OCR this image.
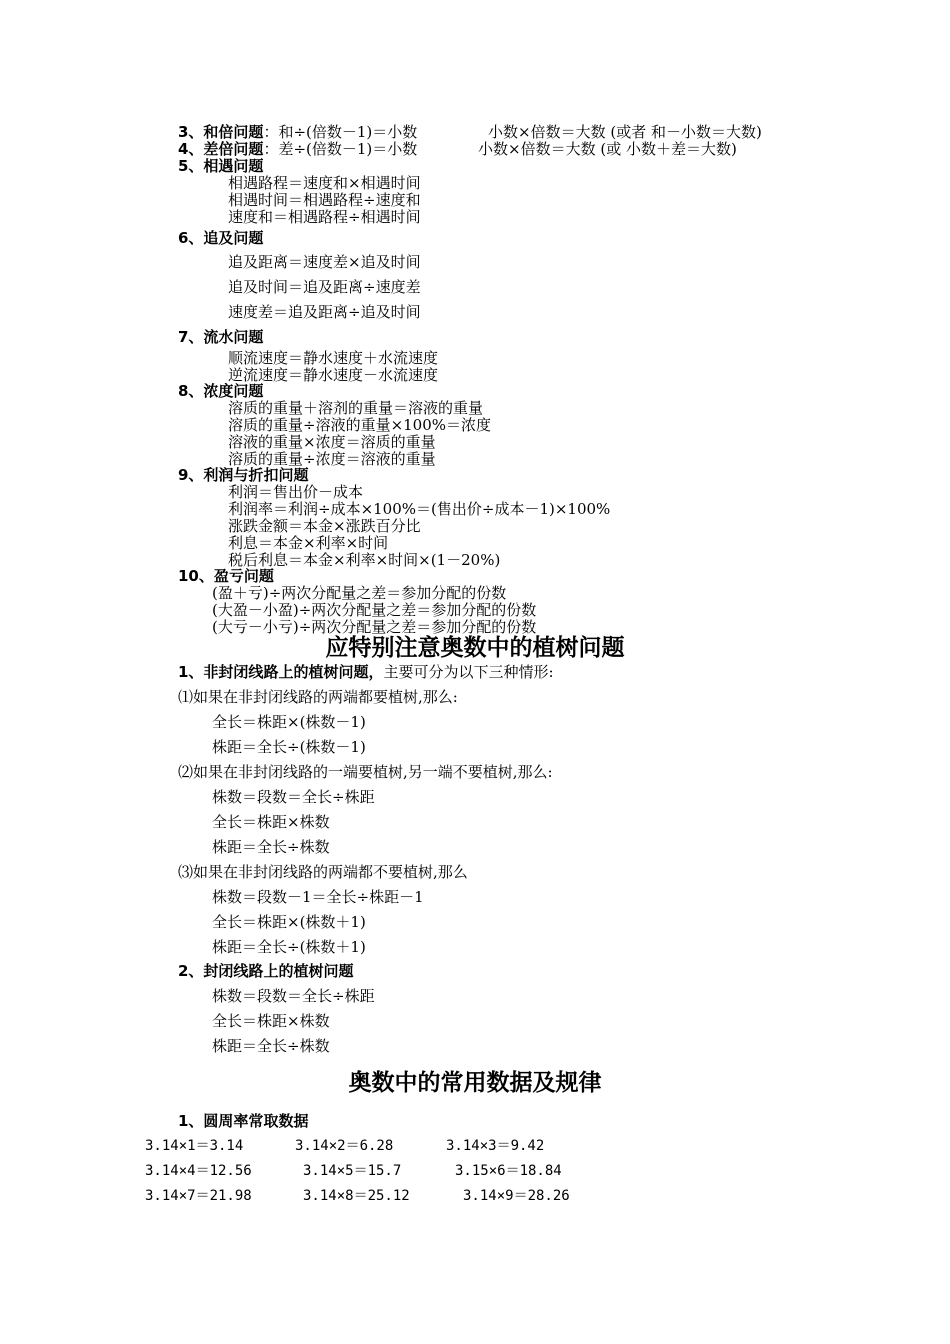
3、和倍问题：和÷(倍数－1)＝小数	小数×倍数＝大数 (或者 和－小数＝大数)
4、差倍问题：差÷(倍数－1)＝小数	小数×倍数＝大数 (或 小数＋差＝大数)
5、相遇问题
相遇路程＝速度和×相遇时间
相遇时间＝相遇路程÷速度和
速度和＝相遇路程÷相遇时间
6、追及问题
追及距离＝速度差×追及时间
追及时间＝追及距离÷速度差
速度差＝追及距离÷追及时间
7、流水问题
顺流速度＝静水速度＋水流速度
逆流速度＝静水速度－水流速度
8、浓度问题
溶质的重量＋溶剂的重量＝溶液的重量
溶质的重量÷溶液的重量×100%＝浓度
溶液的重量×浓度＝溶质的重量
溶质的重量÷浓度＝溶液的重量
9、利润与折扣问题
利润＝售出价－成本
利润率＝利润÷成本×100%＝(售出价÷成本－1)×100%
涨跌金额＝本金×涨跌百分比
利息＝本金×利率×时间
税后利息＝本金×利率×时间×(1－20%)
10、盈亏问题
(盈＋亏)÷两次分配量之差＝参加分配的份数
(大盈－小盈)÷两次分配量之差＝参加分配的份数
(大亏－小亏)÷两次分配量之差＝参加分配的份数
应特别注意奥数中的植树问题
1、非封闭线路上的植树问题，主要可分为以下三种情形:
⑴如果在非封闭线路的两端都要植树,那么:
全长＝株距×(株数－1)
株距＝全长÷(株数－1)
⑵如果在非封闭线路的一端要植树,另一端不要植树,那么:
株数＝段数＝全长÷株距
全长＝株距×株数
株距＝全长÷株数
⑶如果在非封闭线路的两端都不要植树,那么
株数＝段数－1＝全长÷株距－1
全长＝株距×(株数＋1)
株距＝全长÷(株数＋1)
2、封闭线路上的植树问题
株数＝段数＝全长÷株距
全长＝株距×株数
株距＝全长÷株数
奥数中的常用数据及规律
1、圆周率常取数据
3.14×1＝3.14	3.14×2＝6.28	3.14×3＝9.42
3.14×4＝12.56	3.14×5＝15.7	3.15×6＝18.84
3.14×7＝21.98	3.14×8＝25.12	3.14×9＝28.26
